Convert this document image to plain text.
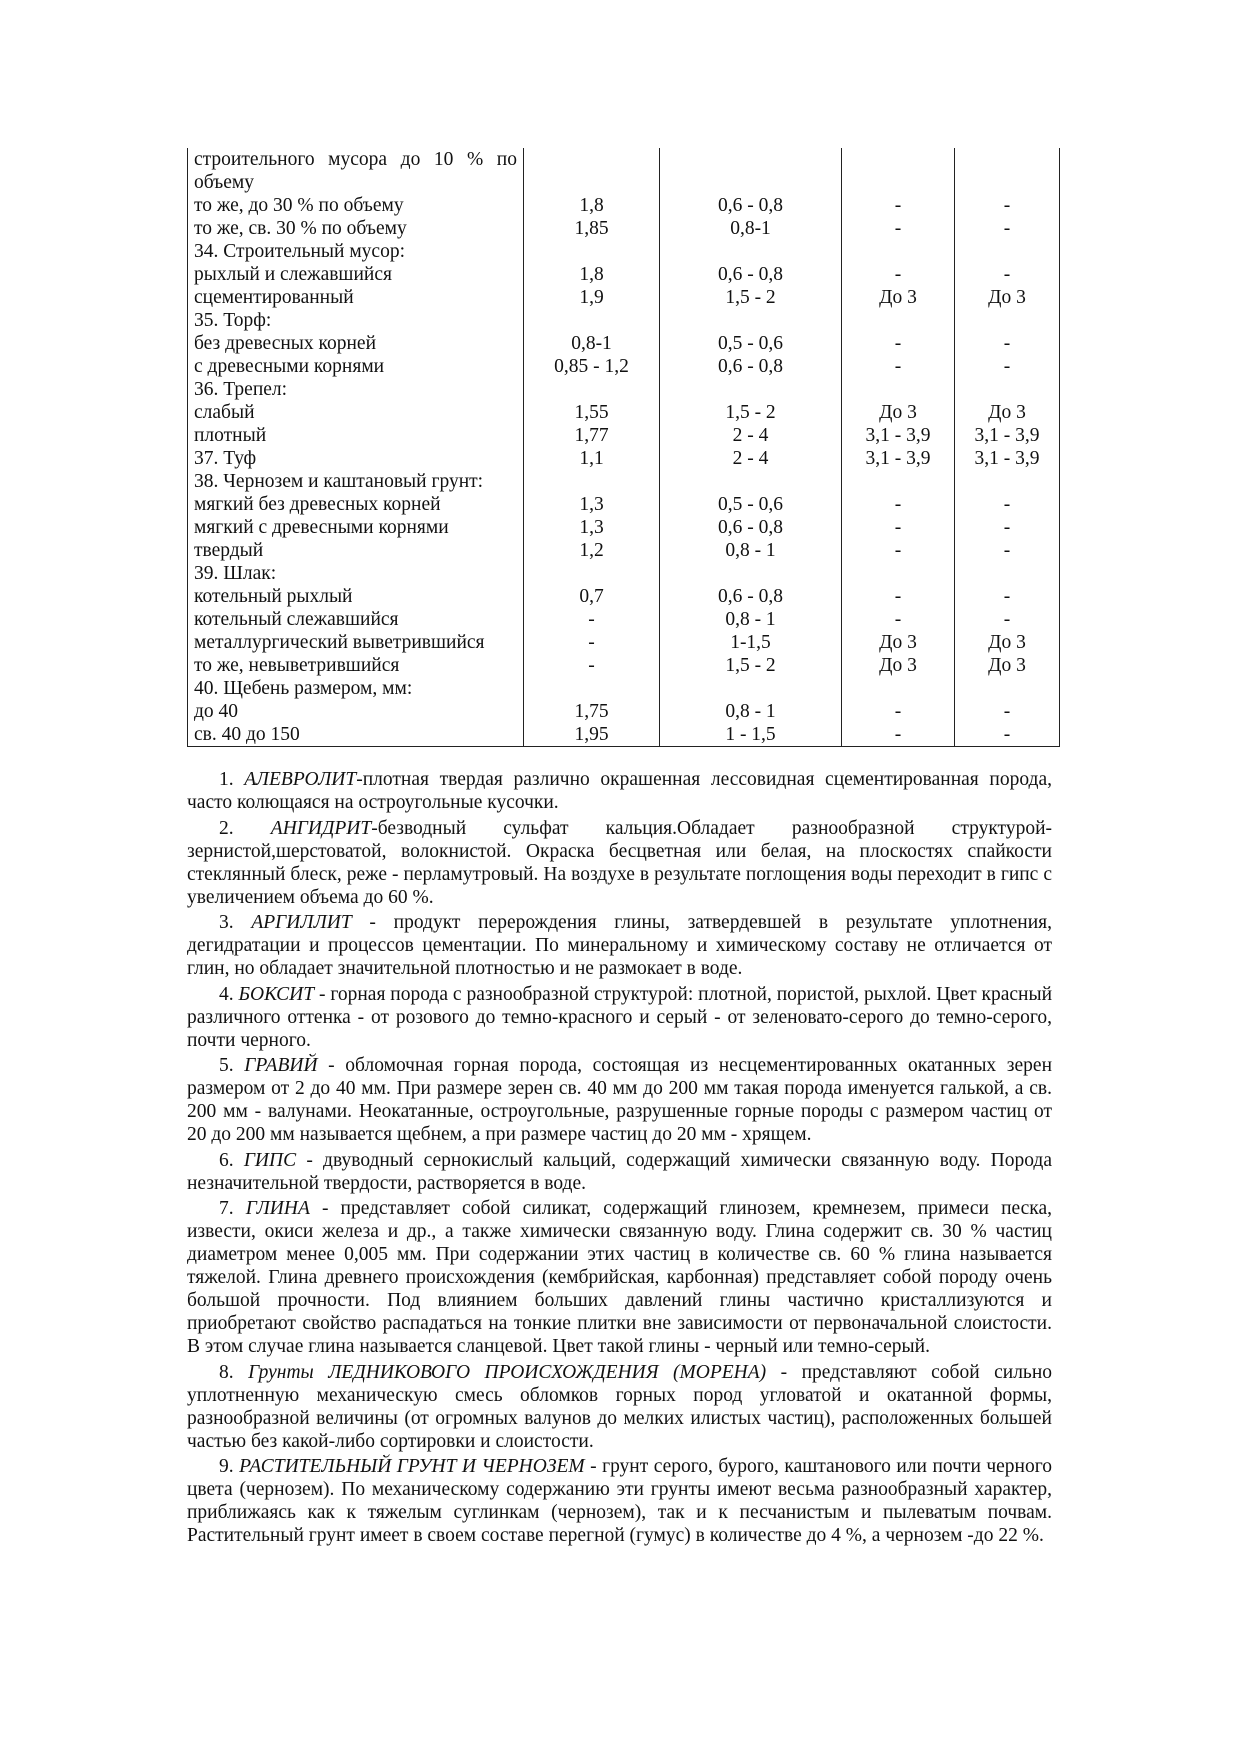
строительного мусора до 10 % по объему				
то же, до 30 % по объему	1,8	0,6 - 0,8	-	-
то же, св. 30 % по объему	1,85	0,8-1	-	-
34. Строительный мусор:				
рыхлый и слежавшийся	1,8	0,6 - 0,8	-	-
сцементированный	1,9	1,5 - 2	До 3	До 3
35. Торф:				
без древесных корней	0,8-1	0,5 - 0,6	-	-
с древесными корнями	0,85 - 1,2	0,6 - 0,8	-	-
36. Трепел:				
слабый	1,55	1,5 - 2	До 3	До 3
плотный	1,77	2 - 4	3,1 - 3,9	3,1 - 3,9
37. Туф	1,1	2 - 4	3,1 - 3,9	3,1 - 3,9
38. Чернозем и каштановый грунт:				
мягкий без древесных корней	1,3	0,5 - 0,6	-	-
мягкий с древесными корнями	1,3	0,6 - 0,8	-	-
твердый	1,2	0,8 - 1	-	-
39. Шлак:				
котельный рыхлый	0,7	0,6 - 0,8	-	-
котельный слежавшийся	-	0,8 - 1	-	-
металлургический выветрившийся	-	1-1,5	До 3	До 3
то же, невыветрившийся	-	1,5 - 2	До 3	До 3
40. Щебень размером, мм:				
до 40	1,75	0,8 - 1	-	-
св. 40 до 150	1,95	1 - 1,5	-	-

1. АЛЕВРОЛИТ-плотная твердая различно окрашенная лессовидная сцементированная порода, часто колющаяся на остроугольные кусочки.

2. АНГИДРИТ-безводный сульфат кальция.Обладает разнообразной структурой-зернистой,шерстоватой, волокнистой. Окраска бесцветная или белая, на плоскостях спайкости стеклянный блеск, реже - перламутровый. На воздухе в результате поглощения воды переходит в гипс с увеличением объема до 60 %.

3. АРГИЛЛИТ - продукт перерождения глины, затвердевшей в результате уплотнения, дегидратации и процессов цементации. По минеральному и химическому составу не отличается от глин, но обладает значительной плотностью и не размокает в воде.

4. БОКСИТ - горная порода с разнообразной структурой: плотной, пористой, рыхлой. Цвет красный различного оттенка - от розового до темно-красного и серый - от зеленовато-серого до темно-серого, почти черного.

5. ГРАВИЙ - обломочная горная порода, состоящая из несцементированных окатанных зерен размером от 2 до 40 мм. При размере зерен св. 40 мм до 200 мм такая порода именуется галькой, а св. 200 мм - валунами. Неокатанные, остроугольные, разрушенные горные породы с размером частиц от 20 до 200 мм называется щебнем, а при размере частиц до 20 мм - хрящем.

6. ГИПС - двуводный сернокислый кальций, содержащий химически связанную воду. Порода незначительной твердости, растворяется в воде.

7. ГЛИНА - представляет собой силикат, содержащий глинозем, кремнезем, примеси песка, извести, окиси железа и др., а также химически связанную воду. Глина содержит св. 30 % частиц диаметром менее 0,005 мм. При содержании этих частиц в количестве св. 60 % глина называется тяжелой. Глина древнего происхождения (кембрийская, карбонная) представляет собой породу очень большой прочности. Под влиянием больших давлений глины частично кристаллизуются и приобретают свойство распадаться на тонкие плитки вне зависимости от первоначальной слоистости. В этом случае глина называется сланцевой. Цвет такой глины - черный или темно-серый.

8. Грунты ЛЕДНИКОВОГО ПРОИСХОЖДЕНИЯ (МОРЕНА) - представляют собой сильно уплотненную механическую смесь обломков горных пород угловатой и окатанной формы, разнообразной величины (от огромных валунов до мелких илистых частиц), расположенных большей частью без какой-либо сортировки и слоистости.

9. РАСТИТЕЛЬНЫЙ ГРУНТ И ЧЕРНОЗЕМ - грунт серого, бурого, каштанового или почти черного цвета (чернозем). По механическому содержанию эти грунты имеют весьма разнообразный характер, приближаясь как к тяжелым суглинкам (чернозем), так и к песчанистым и пылеватым почвам. Растительный грунт имеет в своем составе перегной (гумус) в количестве до 4 %, а чернозем -до 22 %.
